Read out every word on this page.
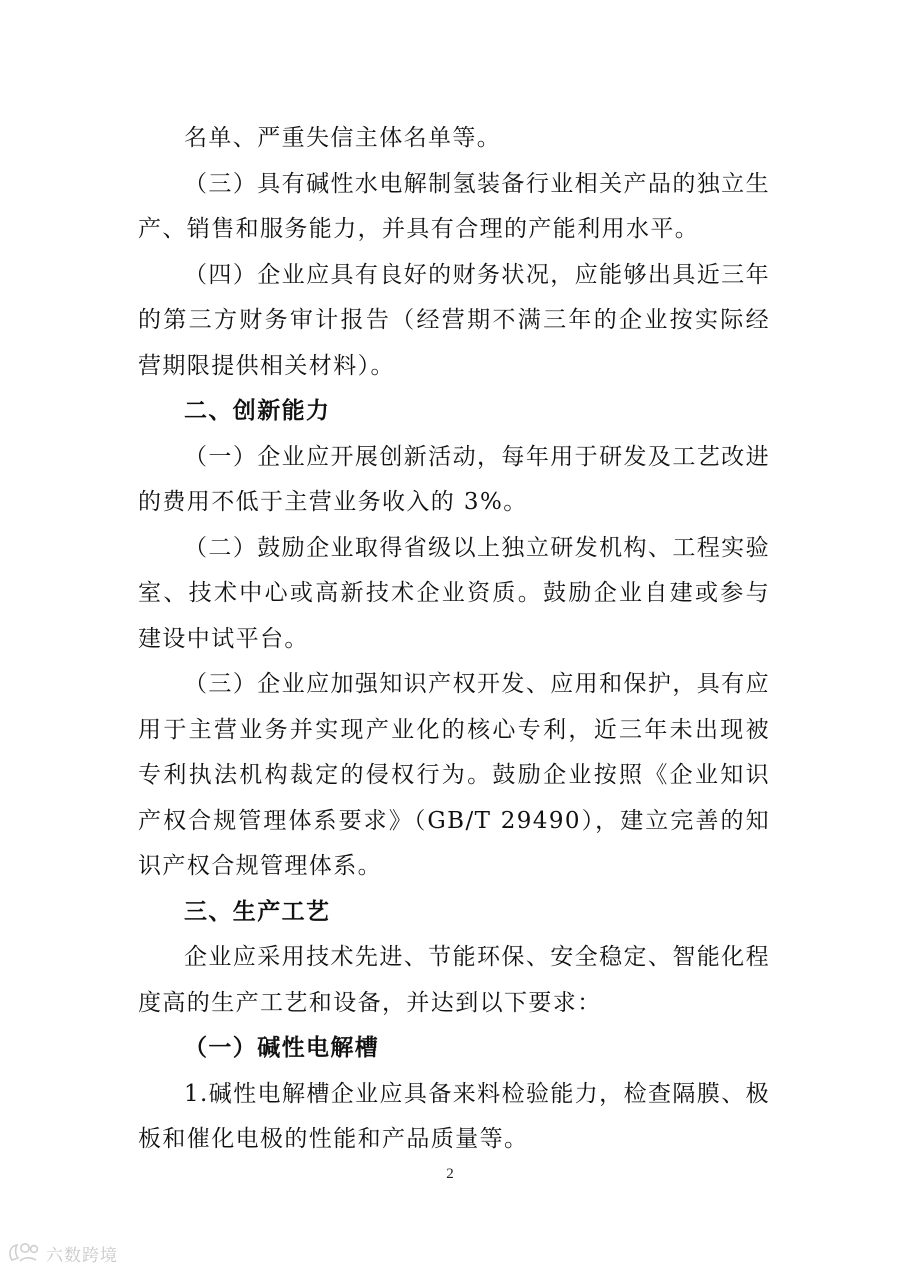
名单、严重失信主体名单等。

（三）具有碱性水电解制氢装备行业相关产品的独立生产、销售和服务能力，并具有合理的产能利用水平。

（四）企业应具有良好的财务状况，应能够出具近三年的第三方财务审计报告（经营期不满三年的企业按实际经营期限提供相关材料）。

二、创新能力

（一）企业应开展创新活动，每年用于研发及工艺改进的费用不低于主营业务收入的 3%。

（二）鼓励企业取得省级以上独立研发机构、工程实验室、技术中心或高新技术企业资质。鼓励企业自建或参与建设中试平台。

（三）企业应加强知识产权开发、应用和保护，具有应用于主营业务并实现产业化的核心专利，近三年未出现被专利执法机构裁定的侵权行为。鼓励企业按照《企业知识产权合规管理体系要求》（GB/T 29490），建立完善的知识产权合规管理体系。

三、生产工艺

企业应采用技术先进、节能环保、安全稳定、智能化程度高的生产工艺和设备，并达到以下要求：

（一）碱性电解槽

1.碱性电解槽企业应具备来料检验能力，检查隔膜、极板和催化电极的性能和产品质量等。

2
六数跨境
